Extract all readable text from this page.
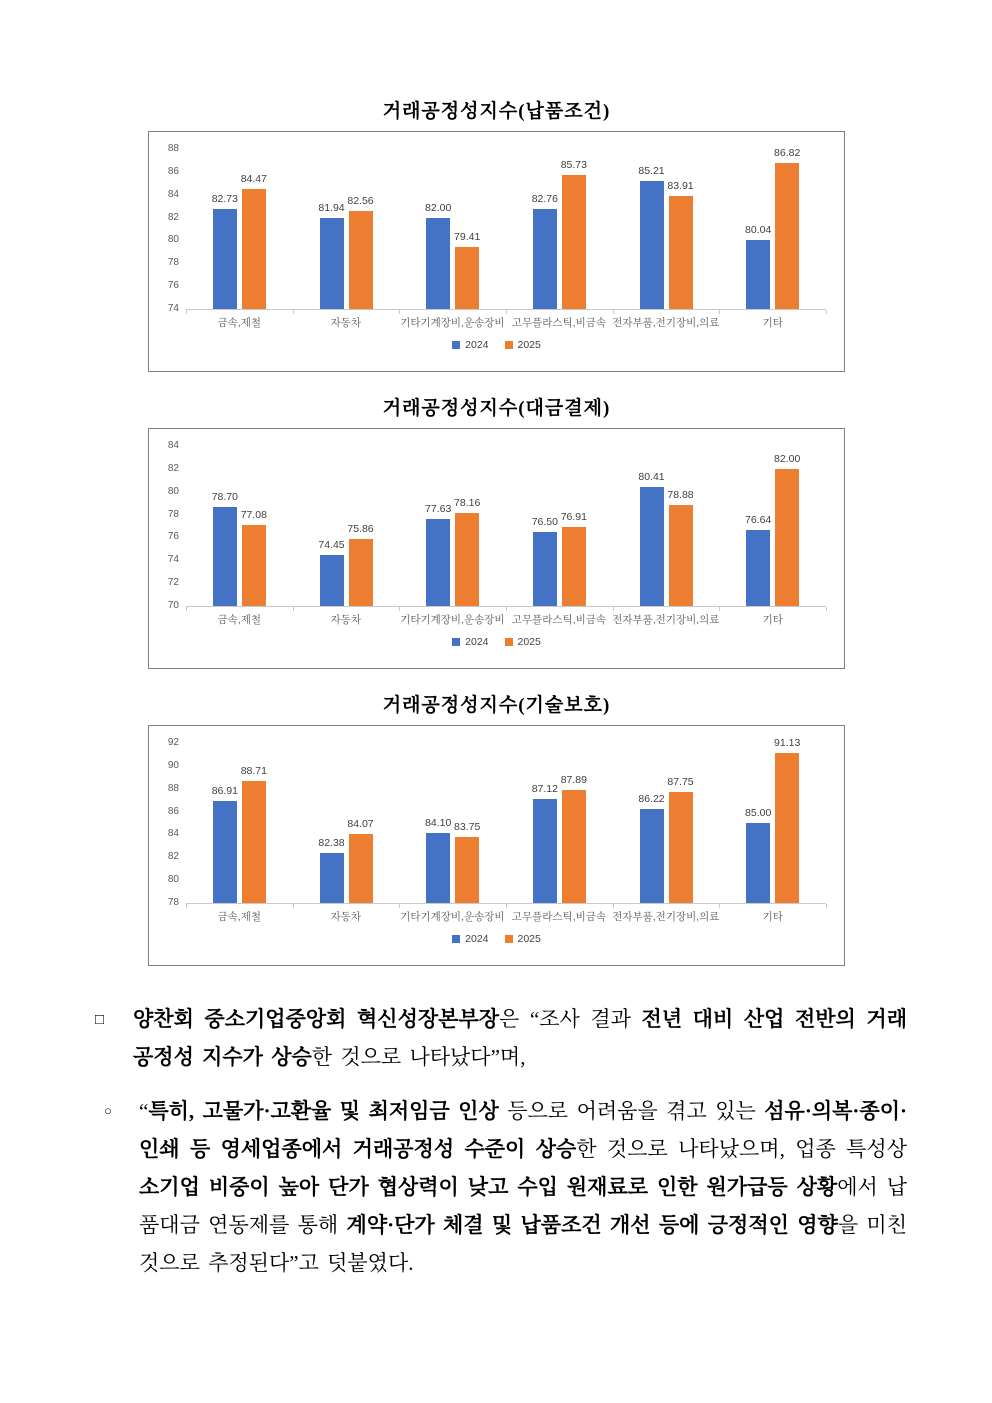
거래공정성지수(납품조건)
74
76
78
80
82
84
86
88
82.73
84.47
81.94
82.56
82.00
79.41
82.76
85.73	85.21
83.91
80.04
86.82
금속,제철	자동차	기타기계장비,운송장비 고무플라스틱,비금속 전자부품,전기장비,의료	기타
2024	2025
거래공정성지수(대금결제)
70
72
74
76
78
80
82
84
78.70
77.08
74.45
75.86
77.63
78.16
76.50 76.91
80.41
78.88
76.64
82.00
금속,제철	자동차	기타기계장비,운송장비 고무플라스틱,비금속 전자부품,전기장비,의료	기타
2024	2025
거래공정성지수(기술보호)
78
80
82
84
86
88
90
92
86.91
88.71
82.38
84.07	84.10 83.75
87.12
87.89
86.22
87.75
85.00
91.13
금속,제철	자동차	기타기계장비,운송장비 고무플라스틱,비금속 전자부품,전기장비,의료	기타
2024	2025
□ 양찬회 중소기업중앙회 혁신성장본부장은 “조사 결과 전년 대비 산업 전반의 거래 공정성 지수가 상승한 것으로 나타났다”며,
○ “특히, 고물가·고환율 및 최저임금 인상 등으로 어려움을 겪고 있는 섬유·의복·종이·인쇄 등 영세업종에서 거래공정성 수준이 상승한 것으로 나타났으며, 업종 특성상 소기업 비중이 높아 단가 협상력이 낮고 수입 원재료로 인한 원가급등 상황에서 납품대금 연동제를 통해 계약·단가 체결 및 납품조건 개선 등에 긍정적인 영향을 미친 것으로 추정된다”고 덧붙였다.
